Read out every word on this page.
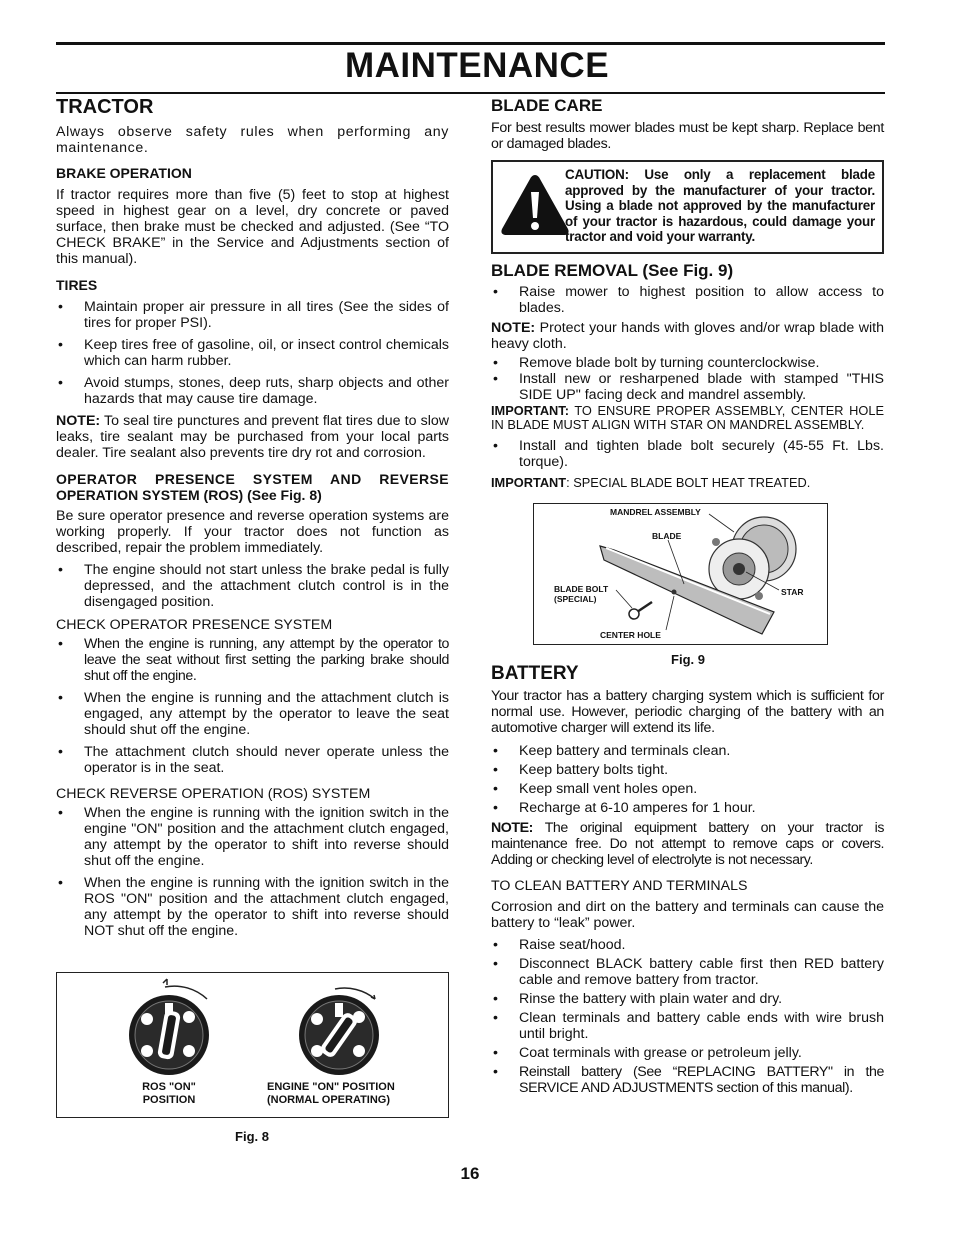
MAINTENANCE
TRACTOR

Always observe safety rules when performing any maintenance.

BRAKE OPERATION

If tractor requires more than five (5) feet to stop at highest speed in highest gear on a level, dry concrete or paved surface, then brake must be checked and adjusted. (See “TO CHECK BRAKE” in the Service and Adjustments section of this manual).

TIRES
• Maintain proper air pressure in all tires (See the sides of tires for proper PSI).
• Keep tires free of gasoline, oil, or insect control chemicals which can harm rubber.
• Avoid stumps, stones, deep ruts, sharp objects and other hazards that may cause tire damage.

NOTE: To seal tire punctures and prevent flat tires due to slow leaks, tire sealant may be purchased from your local parts dealer. Tire sealant also prevents tire dry rot and corrosion.

OPERATOR PRESENCE SYSTEM AND REVERSE
OPERATION SYSTEM (ROS) (See Fig. 8)

Be sure operator presence and reverse operation systems are working properly. If your tractor does not function as described, repair the problem immediately.

• The engine should not start unless the brake pedal is fully depressed, and the attachment clutch control is in the disengaged position.

CHECK OPERATOR PRESENCE SYSTEM

• When the engine is running, any attempt by the operator to leave the seat without first setting the parking brake should shut off the engine.
• When the engine is running and the attachment clutch is engaged, any attempt by the operator to leave the seat should shut off the engine.
• The attachment clutch should never operate unless the operator is in the seat.

CHECK REVERSE OPERATION (ROS) SYSTEM

• When the engine is running with the ignition switch in the engine "ON" position and the attachment clutch engaged, any attempt by the operator to shift into reverse should shut off the engine.
• When the engine is running with the ignition switch in the ROS "ON" position and the attachment clutch engaged, any attempt by the operator to shift into reverse should NOT shut off the engine.
ROS "ON"
POSITION
ENGINE "ON" POSITION
(NORMAL OPERATING)
Fig. 8
BLADE CARE

For best results mower blades must be kept sharp. Replace bent or damaged blades.

CAUTION: Use only a replacement blade approved by the manufacturer of your tractor. Using a blade not approved by the manufacturer of your tractor is hazardous, could damage your tractor and void your warranty.
BLADE REMOVAL (See Fig. 9)
• Raise mower to highest position to allow access to blades.

NOTE: Protect your hands with gloves and/or wrap blade with heavy cloth.

• Remove blade bolt by turning counterclockwise.
• Install new or resharpened blade with stamped "THIS SIDE UP" facing deck and mandrel assembly.

IMPORTANT: TO ENSURE PROPER ASSEMBLY, CENTER HOLE IN BLADE MUST ALIGN WITH STAR ON MANDREL ASSEMBLY.

• Install and tighten blade bolt securely (45-55 Ft. Lbs. torque).

IMPORTANT: SPECIAL BLADE BOLT HEAT TREATED.

MANDREL ASSEMBLY
BLADE
BLADE BOLT
(SPECIAL)
STAR
CENTER HOLE
Fig. 9
BATTERY

Your tractor has a battery charging system which is sufficient for normal use. However, periodic charging of the battery with an automotive charger will extend its life.

• Keep battery and terminals clean.
• Keep battery bolts tight.
• Keep small vent holes open.
• Recharge at 6-10 amperes for 1 hour.

NOTE: The original equipment battery on your tractor is maintenance free. Do not attempt to remove caps or covers. Adding or checking level of electrolyte is not necessary.

TO CLEAN BATTERY AND TERMINALS

Corrosion and dirt on the battery and terminals can cause the battery to “leak” power.

• Raise seat/hood.
• Disconnect BLACK battery cable first then RED battery cable and remove battery from tractor.
• Rinse the battery with plain water and dry.
• Clean terminals and battery cable ends with wire brush until bright.
• Coat terminals with grease or petroleum jelly.
• Reinstall battery (See “REPLACING BATTERY" in the SERVICE AND ADJUSTMENTS section of this manual).
16
